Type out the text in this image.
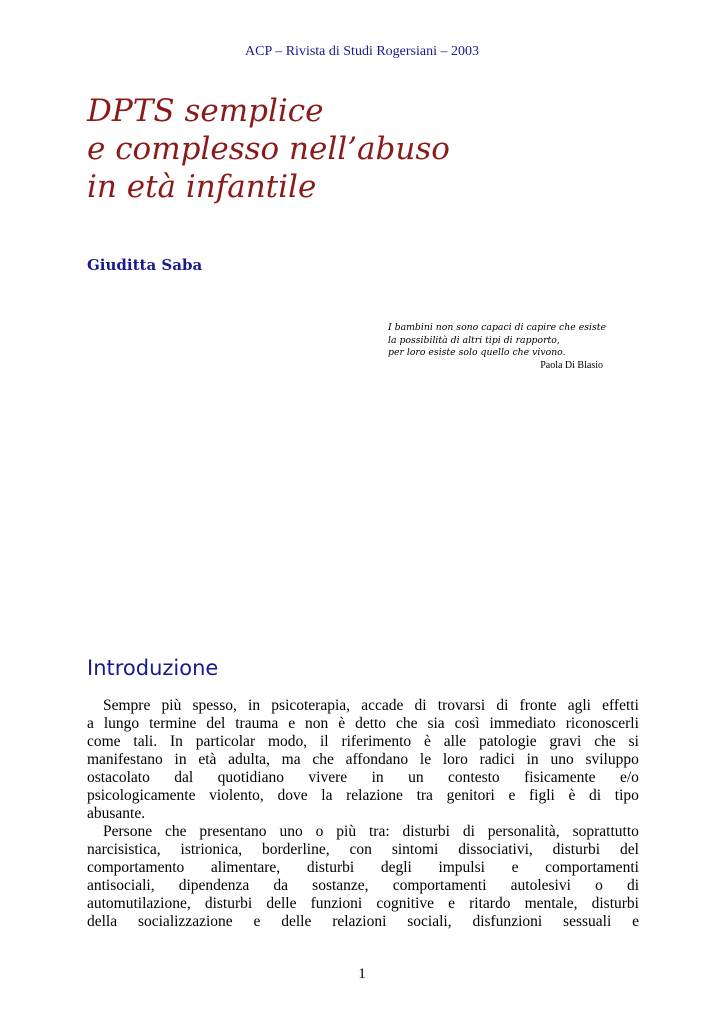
ACP – Rivista di Studi Rogersiani – 2003
DPTS semplice
e complesso nell’abuso
in età infantile
Giuditta Saba
I bambini non sono capaci di capire che esiste
la possibilità di altri tipi di rapporto,
per loro esiste solo quello che vivono.
Paola Di Blasio
Introduzione
Sempre più spesso, in psicoterapia, accade di trovarsi di fronte agli effetti
a lungo termine del trauma e non è detto che sia così immediato riconoscerli
come tali. In particolar modo, il riferimento è alle patologie gravi che si
manifestano in età adulta, ma che affondano le loro radici in uno sviluppo
ostacolato dal quotidiano vivere in un contesto fisicamente e/o
psicologicamente violento, dove la relazione tra genitori e figli è di tipo
abusante.
Persone che presentano uno o più tra: disturbi di personalità, soprattutto
narcisistica, istrionica, borderline, con sintomi dissociativi, disturbi del
comportamento alimentare, disturbi degli impulsi e comportamenti
antisociali, dipendenza da sostanze, comportamenti autolesivi o di
automutilazione, disturbi delle funzioni cognitive e ritardo mentale, disturbi
della socializzazione e delle relazioni sociali, disfunzioni sessuali e
1
